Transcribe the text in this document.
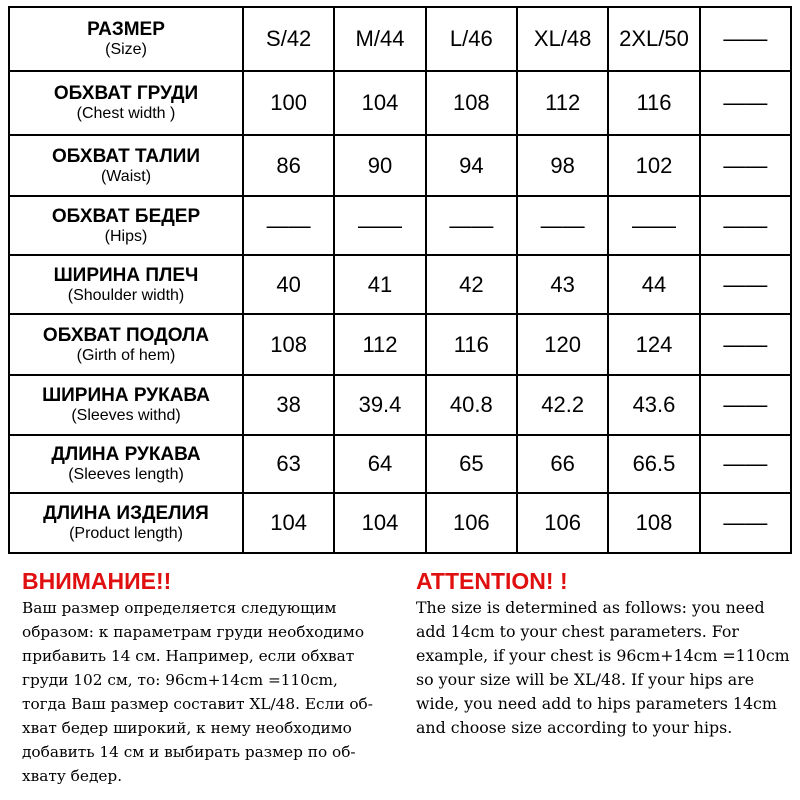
РАЗМЕР
(Size)	S/42	M/44	L/46	XL/48	2XL/50	——

ОБХВАТ ГРУДИ
(Chest width )	100	104	108	112	116	——

ОБХВАТ ТАЛИИ
(Waist)	86	90	94	98	102	——

ОБХВАТ БЕДЕР
(Hips)	——	——	——	——	——	——

ШИРИНА ПЛЕЧ
(Shoulder width)	40	41	42	43	44	——

ОБХВАТ ПОДОЛА
(Girth of hem)	108	112	116	120	124	——

ШИРИНА РУКАВА
(Sleeves withd)	38	39.4	40.8	42.2	43.6	——

ДЛИНА РУКАВА
(Sleeves length)	63	64	65	66	66.5	——

ДЛИНА ИЗДЕЛИЯ
(Product length)	104	104	106	106	108	——
ВНИМАНИЕ!!
Ваш размер определяется следующим
образом: к параметрам груди необходимо
прибавить 14 см. Например, если обхват
груди 102 см, то: 96cm+14cm =110cm,
тогда Ваш размер составит XL/48. Если об-
хват бедер широкий, к нему необходимо
добавить 14 см и выбирать размер по об-
хвату бедер.
ATTENTION! !
The size is determined as follows: you need
add 14cm to your chest parameters. For
example, if your chest is 96cm+14cm =110cm
so your size will be XL/48. If your hips are
wide, you need add to hips parameters 14cm
and choose size according to your hips.
